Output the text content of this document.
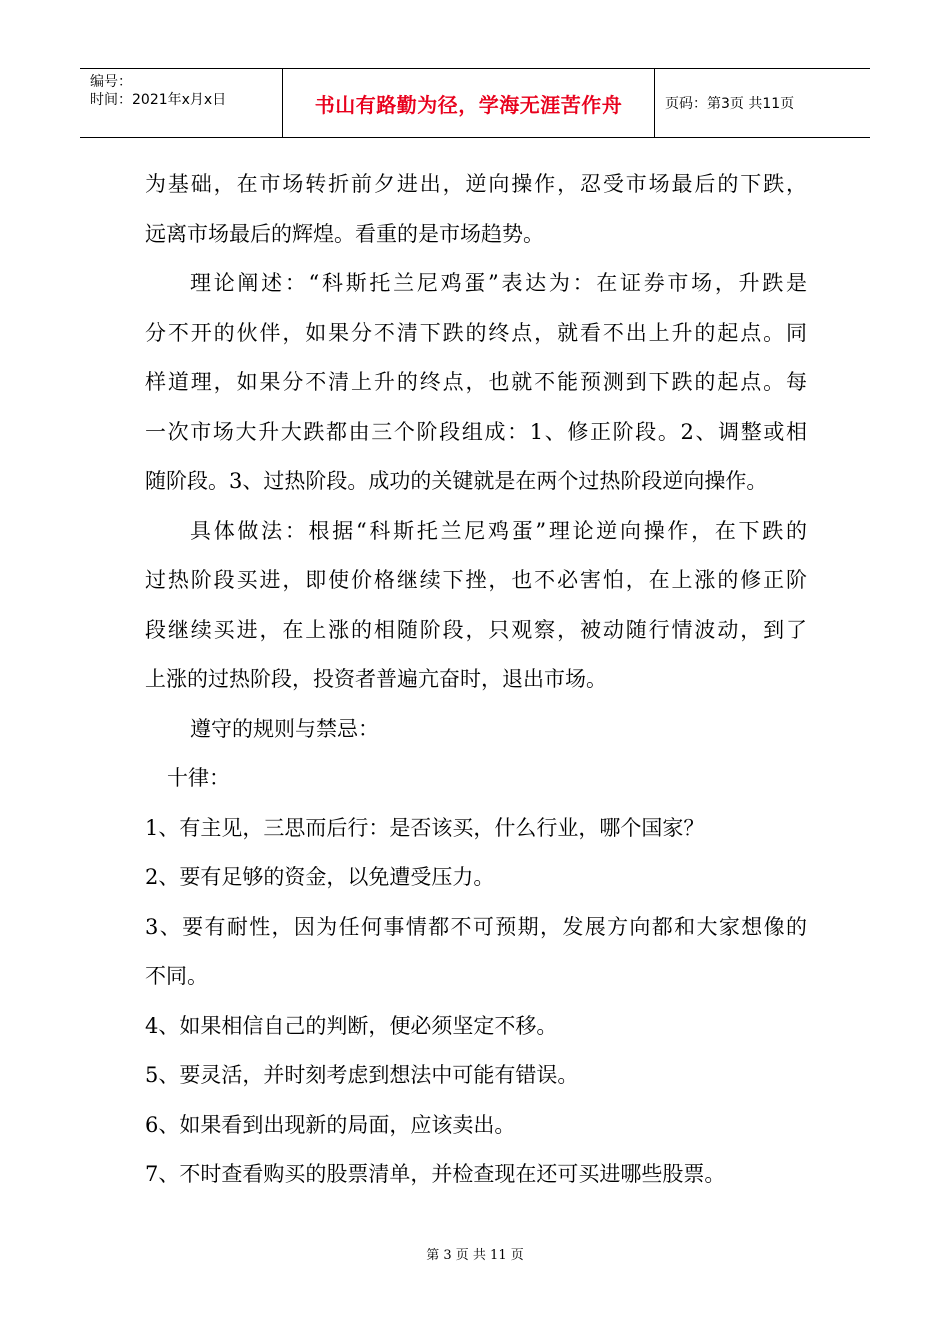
编号：
时间：2021年x月x日	书山有路勤为径，学海无涯苦作舟	页码：第3页 共11页
为基础，在市场转折前夕进出，逆向操作，忍受市场最后的下跌，
远离市场最后的辉煌。看重的是市场趋势。
理论阐述：“科斯托兰尼鸡蛋”表达为：在证券市场，升跌是
分不开的伙伴，如果分不清下跌的终点，就看不出上升的起点。同
样道理，如果分不清上升的终点，也就不能预测到下跌的起点。每
一次市场大升大跌都由三个阶段组成：1、修正阶段。2、调整或相
随阶段。3、过热阶段。成功的关键就是在两个过热阶段逆向操作。
具体做法：根据“科斯托兰尼鸡蛋”理论逆向操作，在下跌的
过热阶段买进，即使价格继续下挫，也不必害怕，在上涨的修正阶
段继续买进，在上涨的相随阶段，只观察，被动随行情波动，到了
上涨的过热阶段，投资者普遍亢奋时，退出市场。
遵守的规则与禁忌：
十律：
1、有主见，三思而后行：是否该买，什么行业，哪个国家？
2、要有足够的资金，以免遭受压力。
3、要有耐性，因为任何事情都不可预期，发展方向都和大家想像的
不同。
4、如果相信自己的判断，便必须坚定不移。
5、要灵活，并时刻考虑到想法中可能有错误。
6、如果看到出现新的局面，应该卖出。
7、不时查看购买的股票清单，并检查现在还可买进哪些股票。
第 3 页 共 11 页
